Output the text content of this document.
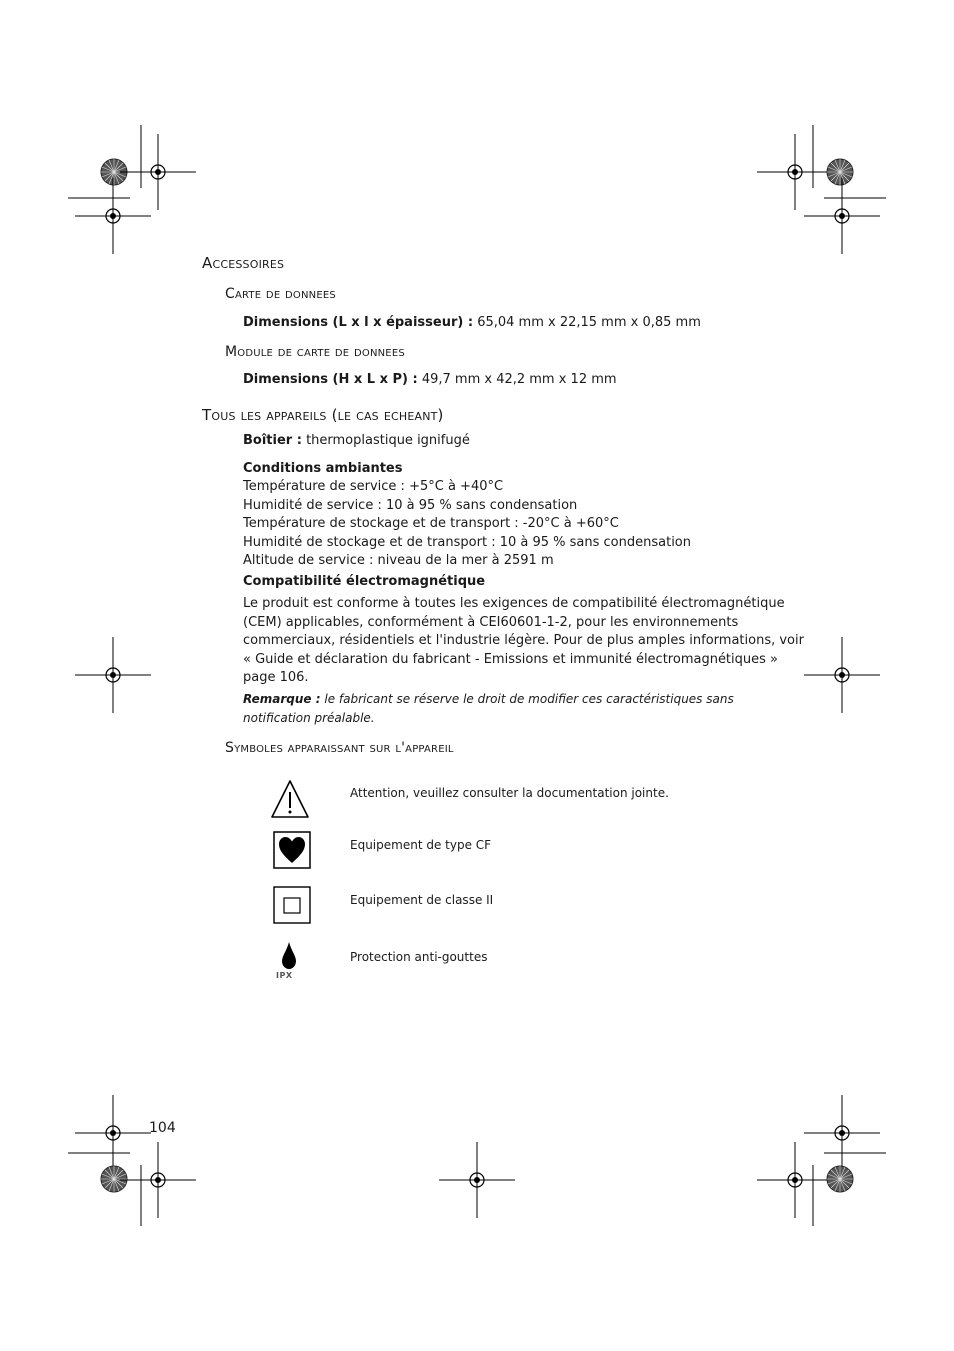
Accessoires
Carte de donnees
Dimensions (L x l x épaisseur) : 65,04 mm x 22,15 mm x 0,85 mm
Module de carte de donnees
Dimensions (H x L x P) : 49,7 mm x 42,2 mm x 12 mm
Tous les appareils (le cas echeant)
Boîtier : thermoplastique ignifugé
Conditions ambiantes
Température de service : +5°C à +40°C
Humidité de service : 10 à 95 % sans condensation
Température de stockage et de transport : -20°C à +60°C
Humidité de stockage et de transport : 10 à 95 % sans condensation
Altitude de service : niveau de la mer à 2591 m
Compatibilité électromagnétique
Le produit est conforme à toutes les exigences de compatibilité électromagnétique
(CEM) applicables, conformément à CEI60601-1-2, pour les environnements
commerciaux, résidentiels et l'industrie légère. Pour de plus amples informations, voir
« Guide et déclaration du fabricant - Emissions et immunité électromagnétiques »
page 106.
Remarque : le fabricant se réserve le droit de modifier ces caractéristiques sans
notification préalable.
Symboles apparaissant sur l'appareil
Attention, veuillez consulter la documentation jointe.
Equipement de type CF
Equipement de classe II
IPX
Protection anti-gouttes
104
